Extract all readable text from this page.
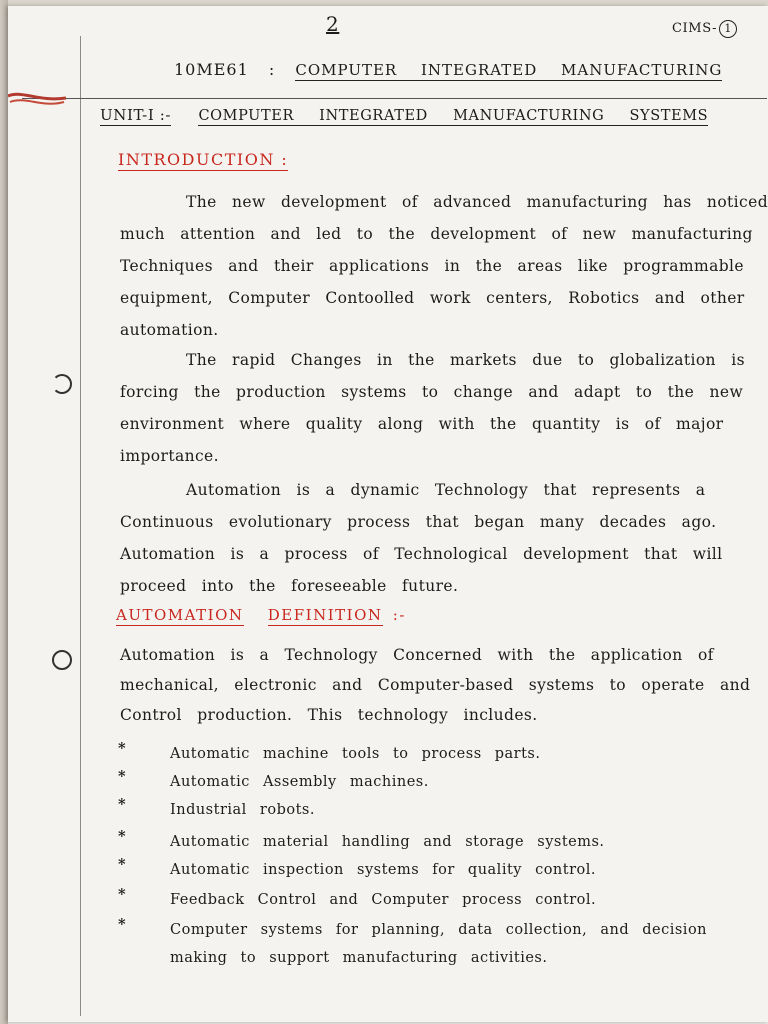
2	CIMS- 1
10ME61 : COMPUTER INTEGRATED MANUFACTURING
UNIT-I :- COMPUTER INTEGRATED MANUFACTURING SYSTEMS
INTRODUCTION :
The new development of advanced manufacturing has noticed much attention and led to the development of new manufacturing Techniques and their applications in the areas like programmable equipment, Computer Contoolled work centers, Robotics and other automation.
The rapid Changes in the markets due to globalization is forcing the production systems to change and adapt to the new environment where quality along with the quantity is of major importance.
Automation is a dynamic Technology that represents a Continuous evolutionary process that began many decades ago. Automation is a process of Technological development that will proceed into the foreseeable future.
AUTOMATION DEFINITION :-
Automation is a Technology Concerned with the application of mechanical, electronic and Computer-based systems to operate and Control production. This technology includes.
*	Automatic machine tools to process parts.
*	Automatic Assembly machines.
*	Industrial robots.
*	Automatic material handling and storage systems.
*	Automatic inspection systems for quality control.
*	Feedback Control and Computer process control.
*	Computer systems for planning, data collection, and decision making to support manufacturing activities.
